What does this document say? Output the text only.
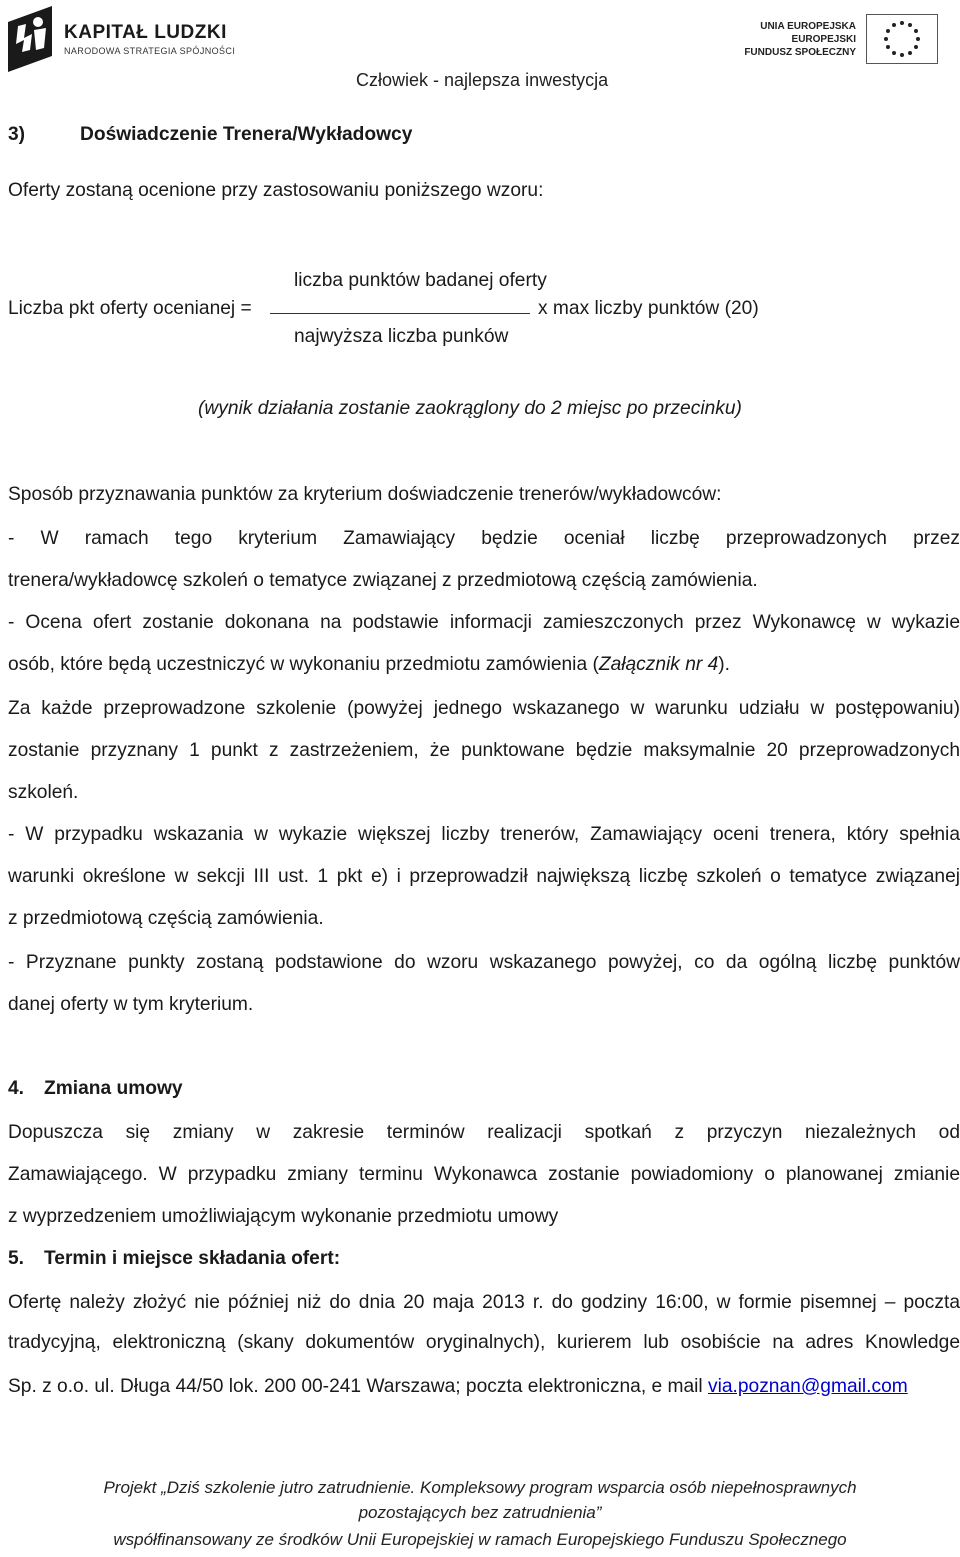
KAPITAŁ LUDZKI
NARODOWA STRATEGIA SPÓJNOŚCI
UNIA EUROPEJSKA
EUROPEJSKI
FUNDUSZ SPOŁECZNY
Człowiek - najlepsza inwestycja
3)	Doświadczenie Trenera/Wykładowcy
Oferty zostaną ocenione przy zastosowaniu poniższego wzoru:
liczba punktów badanej oferty
Liczba pkt oferty ocenianej =	x max liczby punktów (20)
najwyższa liczba punków
(wynik działania zostanie zaokrąglony do 2 miejsc po przecinku)
Sposób przyznawania punktów za kryterium doświadczenie trenerów/wykładowców:
- W ramach tego kryterium Zamawiający będzie oceniał liczbę przeprowadzonych przez
trenera/wykładowcę szkoleń o tematyce związanej z przedmiotową częścią zamówienia.
- Ocena ofert zostanie dokonana na podstawie informacji zamieszczonych przez Wykonawcę w wykazie
osób, które będą uczestniczyć w wykonaniu przedmiotu zamówienia (Załącznik nr 4).
Za każde przeprowadzone szkolenie (powyżej jednego wskazanego w warunku udziału w postępowaniu)
zostanie przyznany 1 punkt z zastrzeżeniem, że punktowane będzie maksymalnie 20 przeprowadzonych
szkoleń.
- W przypadku wskazania w wykazie większej liczby trenerów, Zamawiający oceni trenera, który spełnia
warunki określone w sekcji III ust. 1 pkt e) i przeprowadził największą liczbę szkoleń o tematyce związanej
z przedmiotową częścią zamówienia.
- Przyznane punkty zostaną podstawione do wzoru wskazanego powyżej, co da ogólną liczbę punktów
danej oferty w tym kryterium.
4. Zmiana umowy
Dopuszcza się zmiany w zakresie terminów realizacji spotkań z przyczyn niezależnych od
Zamawiającego. W przypadku zmiany terminu Wykonawca zostanie powiadomiony o planowanej zmianie
z wyprzedzeniem umożliwiającym wykonanie przedmiotu umowy
5. Termin i miejsce składania ofert:
Ofertę należy złożyć nie później niż do dnia 20 maja 2013 r. do godziny 16:00, w formie pisemnej – poczta
tradycyjną, elektroniczną (skany dokumentów oryginalnych), kurierem lub osobiście na adres Knowledge
Sp. z o.o. ul. Długa 44/50 lok. 200 00-241 Warszawa; poczta elektroniczna, e mail via.poznan@gmail.com
Projekt „Dziś szkolenie jutro zatrudnienie. Kompleksowy program wsparcia osób niepełnosprawnych
pozostających bez zatrudnienia”
współfinansowany ze środków Unii Europejskiej w ramach Europejskiego Funduszu Społecznego
